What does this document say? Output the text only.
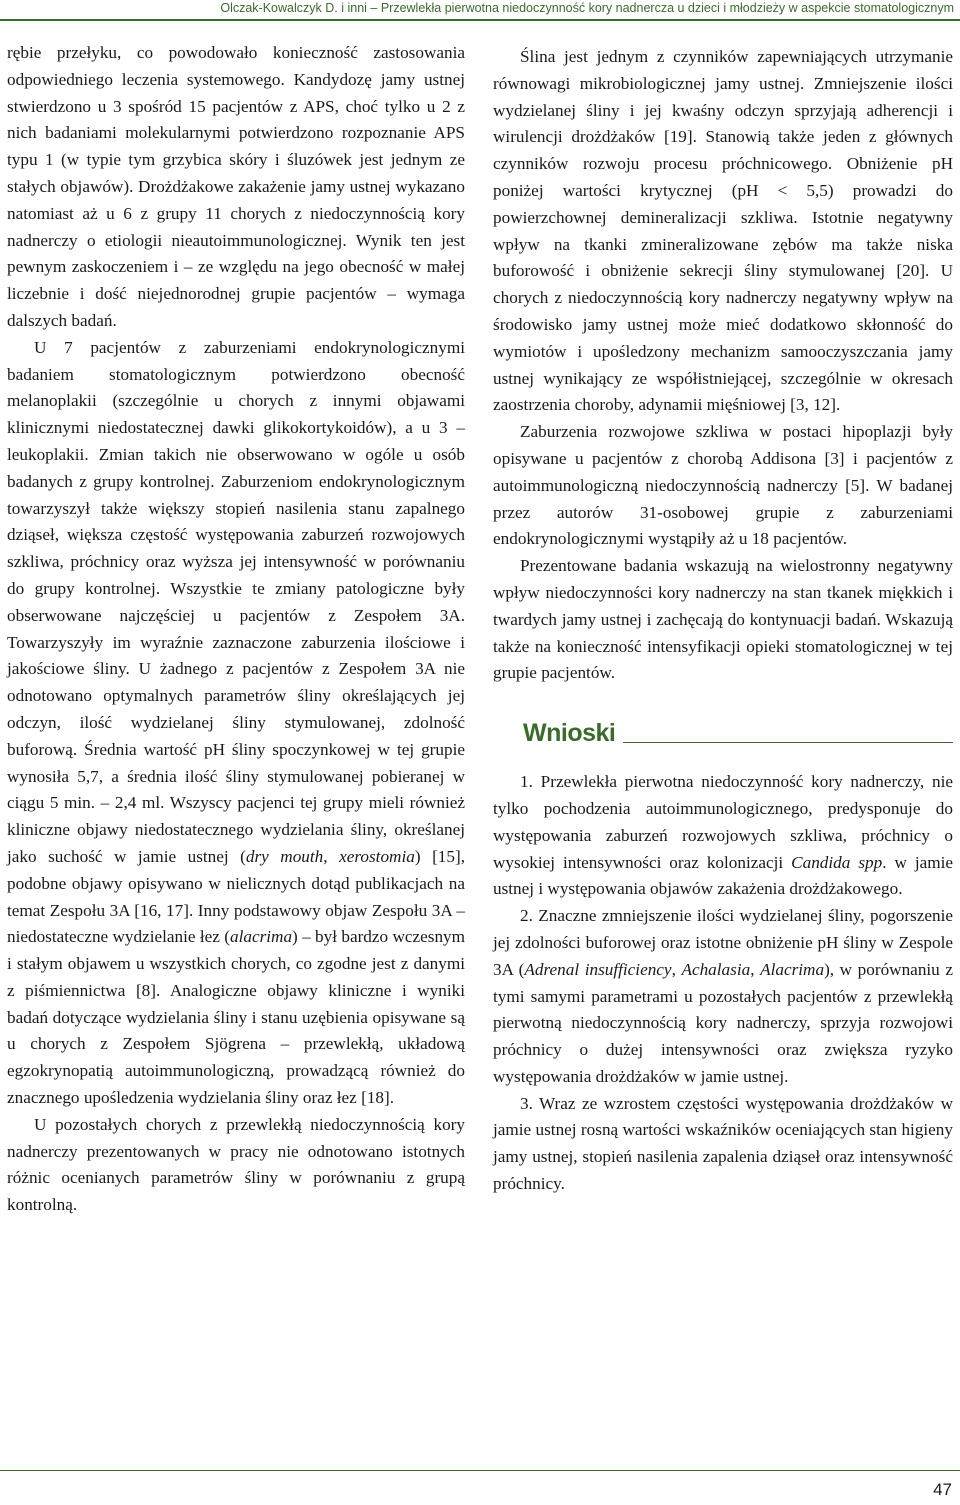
Olczak-Kowalczyk D. i inni – Przewlekła pierwotna niedoczynność kory nadnercza u dzieci i młodzieży w aspekcie stomatologicznym

rębie przełyku, co powodowało konieczność zastosowania odpowiedniego leczenia systemowego. Kandydozę jamy ustnej stwierdzono u 3 spośród 15 pacjentów z APS, choć tylko u 2 z nich badaniami molekularnymi potwierdzono rozpoznanie APS typu 1 (w typie tym grzybica skóry i śluzówek jest jednym ze stałych objawów). Drożdżakowe zakażenie jamy ustnej wykazano natomiast aż u 6 z grupy 11 chorych z niedoczynnością kory nadnerczy o etiologii nieautoimmunologicznej. Wynik ten jest pewnym zaskoczeniem i – ze względu na jego obecność w małej liczebnie i dość niejednorodnej grupie pacjentów – wymaga dalszych badań.

U 7 pacjentów z zaburzeniami endokrynologicznymi badaniem stomatologicznym potwierdzono obecność melanoplakii (szczególnie u chorych z innymi objawami klinicznymi niedostatecznej dawki glikokortykoidów), a u 3 – leukoplakii. Zmian takich nie obserwowano w ogóle u osób badanych z grupy kontrolnej. Zaburzeniom endokrynologicznym towarzyszył także większy stopień nasilenia stanu zapalnego dziąseł, większa częstość występowania zaburzeń rozwojowych szkliwa, próchnicy oraz wyższa jej intensywność w porównaniu do grupy kontrolnej. Wszystkie te zmiany patologiczne były obserwowane najczęściej u pacjentów z Zespołem 3A. Towarzyszyły im wyraźnie zaznaczone zaburzenia ilościowe i jakościowe śliny. U żadnego z pacjentów z Zespołem 3A nie odnotowano optymalnych parametrów śliny określających jej odczyn, ilość wydzielanej śliny stymulowanej, zdolność buforową. Średnia wartość pH śliny spoczynkowej w tej grupie wynosiła 5,7, a średnia ilość śliny stymulowanej pobieranej w ciągu 5 min. – 2,4 ml. Wszyscy pacjenci tej grupy mieli również kliniczne objawy niedostatecznego wydzielania śliny, określanej jako suchość w jamie ustnej (dry mouth, xerostomia) [15], podobne objawy opisywano w nielicznych dotąd publikacjach na temat Zespołu 3A [16, 17]. Inny podstawowy objaw Zespołu 3A – niedostateczne wydzielanie łez (alacrima) – był bardzo wczesnym i stałym objawem u wszystkich chorych, co zgodne jest z danymi z piśmiennictwa [8]. Analogiczne objawy kliniczne i wyniki badań dotyczące wydzielania śliny i stanu uzębienia opisywane są u chorych z Zespołem Sjögrena – przewlekłą, układową egzokrynopatią autoimmunologiczną, prowadzącą również do znacznego upośledzenia wydzielania śliny oraz łez [18].

U pozostałych chorych z przewlekłą niedoczynnością kory nadnerczy prezentowanych w pracy nie odnotowano istotnych różnic ocenianych parametrów śliny w porównaniu z grupą kontrolną.

Ślina jest jednym z czynników zapewniających utrzymanie równowagi mikrobiologicznej jamy ustnej. Zmniejszenie ilości wydzielanej śliny i jej kwaśny odczyn sprzyjają adherencji i wirulencji drożdżaków [19]. Stanowią także jeden z głównych czynników rozwoju procesu próchnicowego. Obniżenie pH poniżej wartości krytycznej (pH < 5,5) prowadzi do powierzchownej demineralizacji szkliwa. Istotnie negatywny wpływ na tkanki zmineralizowane zębów ma także niska buforowość i obniżenie sekrecji śliny stymulowanej [20]. U chorych z niedoczynnością kory nadnerczy negatywny wpływ na środowisko jamy ustnej może mieć dodatkowo skłonność do wymiotów i upośledzony mechanizm samooczyszczania jamy ustnej wynikający ze współistniejącej, szczególnie w okresach zaostrzenia choroby, adynamii mięśniowej [3, 12].

Zaburzenia rozwojowe szkliwa w postaci hipoplazji były opisywane u pacjentów z chorobą Addisona [3] i pacjentów z autoimmunologiczną niedoczynnością nadnerczy [5]. W badanej przez autorów 31-osobowej grupie z zaburzeniami endokrynologicznymi wystąpiły aż u 18 pacjentów.

Prezentowane badania wskazują na wielostronny negatywny wpływ niedoczynności kory nadnerczy na stan tkanek miękkich i twardych jamy ustnej i zachęcają do kontynuacji badań. Wskazują także na konieczność intensyfikacji opieki stomatologicznej w tej grupie pacjentów.

Wnioski

1. Przewlekła pierwotna niedoczynność kory nadnerczy, nie tylko pochodzenia autoimmunologicznego, predysponuje do występowania zaburzeń rozwojowych szkliwa, próchnicy o wysokiej intensywności oraz kolonizacji Candida spp. w jamie ustnej i występowania objawów zakażenia drożdżakowego.

2. Znaczne zmniejszenie ilości wydzielanej śliny, pogorszenie jej zdolności buforowej oraz istotne obniżenie pH śliny w Zespole 3A (Adrenal insufficiency, Achalasia, Alacrima), w porównaniu z tymi samymi parametrami u pozostałych pacjentów z przewlekłą pierwotną niedoczynnością kory nadnerczy, sprzyja rozwojowi próchnicy o dużej intensywności oraz zwiększa ryzyko występowania drożdżaków w jamie ustnej.

3. Wraz ze wzrostem częstości występowania drożdżaków w jamie ustnej rosną wartości wskaźników oceniających stan higieny jamy ustnej, stopień nasilenia zapalenia dziąseł oraz intensywność próchnicy.

47
